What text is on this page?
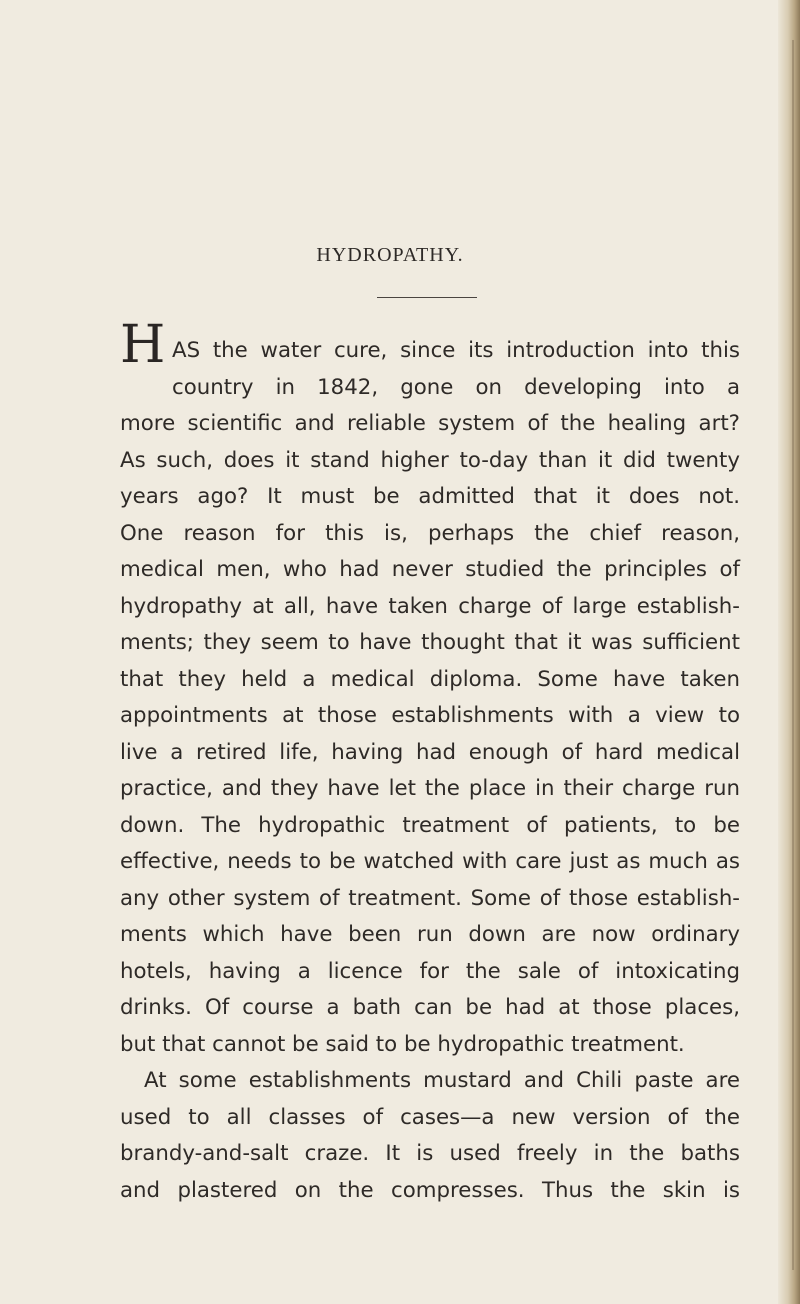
HYDROPATHY.
H AS the water cure, since its introduction into this
country in 1842, gone on developing into a
more scientific and reliable system of the healing art?
As such, does it stand higher to-day than it did twenty
years ago? It must be admitted that it does not.
One reason for this is, perhaps the chief reason,
medical men, who had never studied the principles of
hydropathy at all, have taken charge of large establish-
ments; they seem to have thought that it was sufficient
that they held a medical diploma. Some have taken
appointments at those establishments with a view to
live a retired life, having had enough of hard medical
practice, and they have let the place in their charge run
down. The hydropathic treatment of patients, to be
effective, needs to be watched with care just as much as
any other system of treatment. Some of those establish-
ments which have been run down are now ordinary
hotels, having a licence for the sale of intoxicating
drinks. Of course a bath can be had at those places,
but that cannot be said to be hydropathic treatment.
At some establishments mustard and Chili paste are
used to all classes of cases—a new version of the
brandy-and-salt craze. It is used freely in the baths
and plastered on the compresses. Thus the skin is
